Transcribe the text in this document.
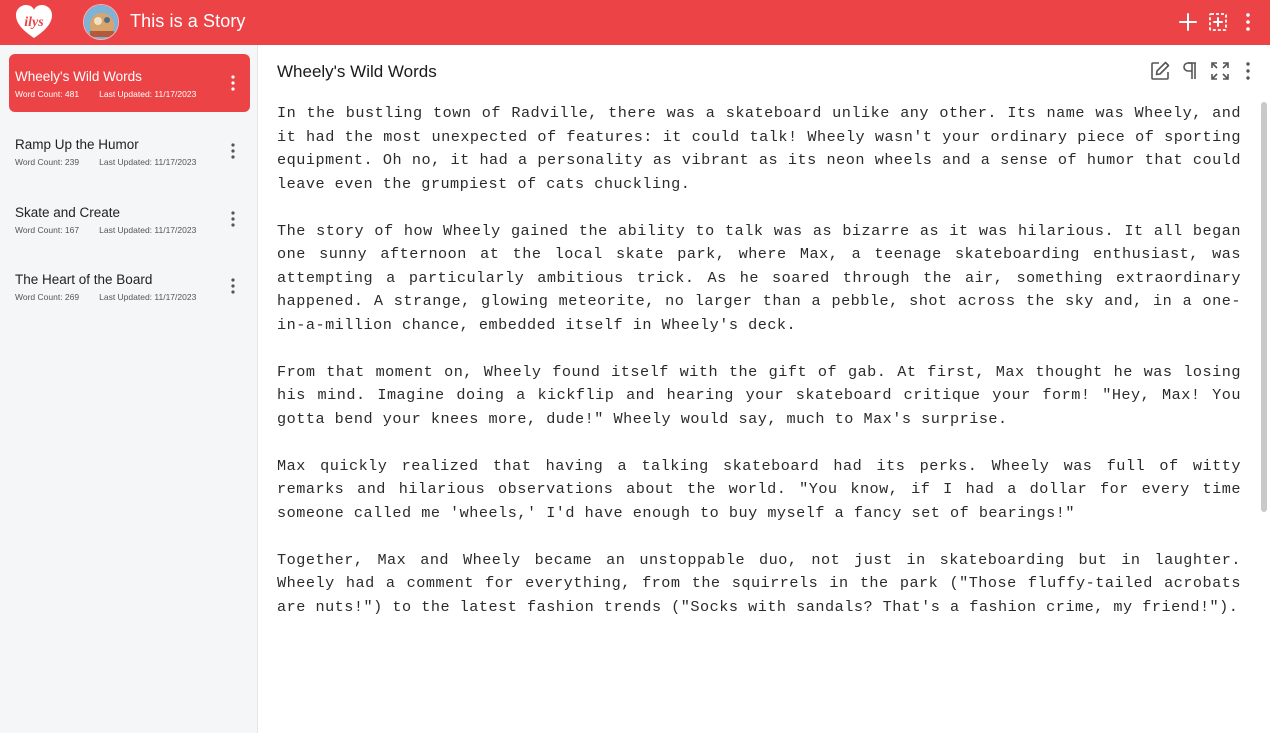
ilys	This is a Story
Wheely's Wild Words
Word Count: 481 Last Updated: 11/17/2023
Ramp Up the Humor
Word Count: 239 Last Updated: 11/17/2023
Skate and Create
Word Count: 167 Last Updated: 11/17/2023
The Heart of the Board
Word Count: 269 Last Updated: 11/17/2023
Wheely's Wild Words

In the bustling town of Radville, there was a skateboard unlike any other. Its name was Wheely, and it had the most unexpected of features: it could talk! Wheely wasn't your ordinary piece of sporting equipment. Oh no, it had a personality as vibrant as its neon wheels and a sense of humor that could leave even the grumpiest of cats chuckling.

The story of how Wheely gained the ability to talk was as bizarre as it was hilarious. It all began one sunny afternoon at the local skate park, where Max, a teenage skateboarding enthusiast, was attempting a particularly ambitious trick. As he soared through the air, something extraordinary happened. A strange, glowing meteorite, no larger than a pebble, shot across the sky and, in a one-in-a-million chance, embedded itself in Wheely's deck.

From that moment on, Wheely found itself with the gift of gab. At first, Max thought he was losing his mind. Imagine doing a kickflip and hearing your skateboard critique your form! "Hey, Max! You gotta bend your knees more, dude!" Wheely would say, much to Max's surprise.

Max quickly realized that having a talking skateboard had its perks. Wheely was full of witty remarks and hilarious observations about the world. "You know, if I had a dollar for every time someone called me 'wheels,' I'd have enough to buy myself a fancy set of bearings!"

Together, Max and Wheely became an unstoppable duo, not just in skateboarding but in laughter. Wheely had a comment for everything, from the squirrels in the park ("Those fluffy-tailed acrobats are nuts!") to the latest fashion trends ("Socks with sandals? That's a fashion crime, my friend!").
